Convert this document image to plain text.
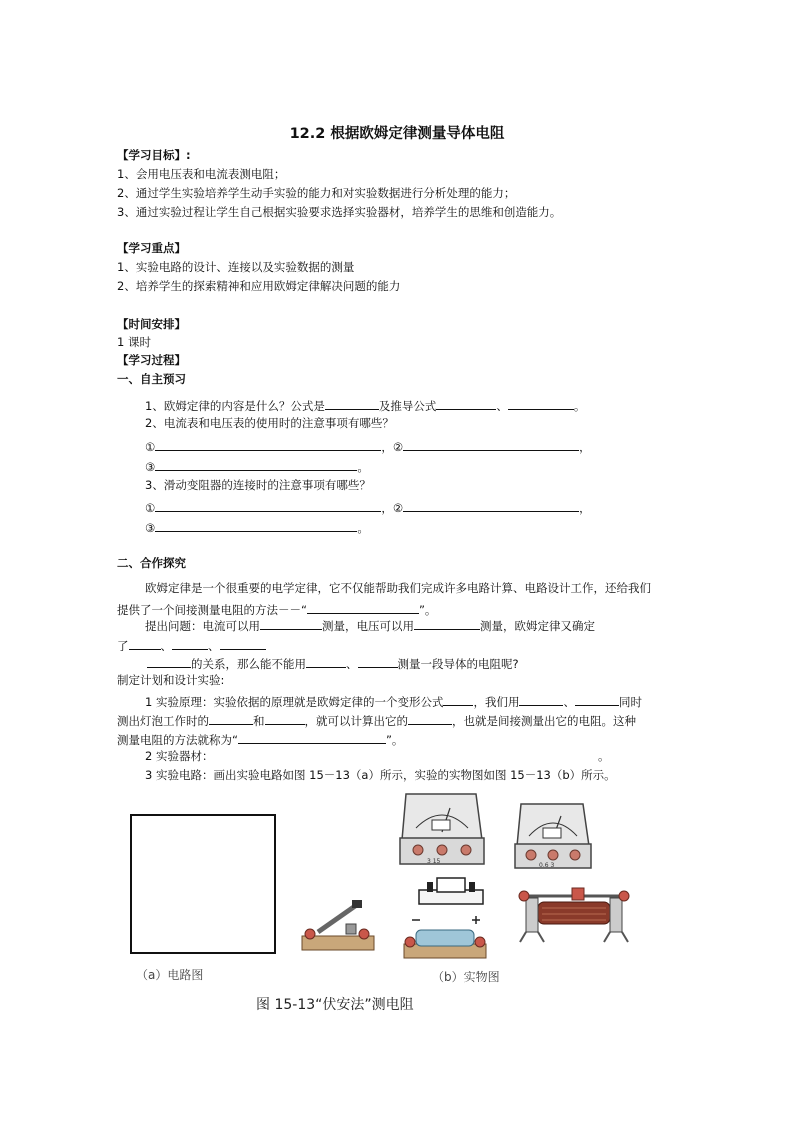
12.2 根据欧姆定律测量导体电阻
【学习目标】:
1、会用电压表和电流表测电阻；
2、通过学生实验培养学生动手实验的能力和对实验数据进行分析处理的能力；
3、通过实验过程让学生自己根据实验要求选择实验器材，培养学生的思维和创造能力。
【学习重点】
1、实验电路的设计、连接以及实验数据的测量
2、培养学生的探索精神和应用欧姆定律解决问题的能力
【时间安排】
1 课时
【学习过程】
一、自主预习
1、欧姆定律的内容是什么？公式是	及推导公式	、	。
2、电流表和电压表的使用时的注意事项有哪些？
①	，②	，
③	。
3、滑动变阻器的连接时的注意事项有哪些？
①	，②	，
③	。
二、合作探究
欧姆定律是一个很重要的电学定律，它不仅能帮助我们完成许多电路计算、电路设计工作，还给我们
提供了一个间接测量电阻的方法－－“	”。
提出问题：电流可以用	测量，电压可以用	测量，欧姆定律又确定
了	、	、
的关系，那么能不能用	、	测量一段导体的电阻呢?
制定计划和设计实验:
1 实验原理：实验依据的原理就是欧姆定律的一个变形公式	，我们用	、	同时
测出灯泡工作时的	和	，就可以计算出它的	，也就是间接测量出它的电阻。这种
测量电阻的方法就称为“	”。
2 实验器材：	。
3 实验电路：画出实验电路如图 15－13（a）所示，实验的实物图如图 15－13（b）所示。
（a）电路图
3 15
0.6 3
（b）实物图
图 15-13“伏安法”测电阻
